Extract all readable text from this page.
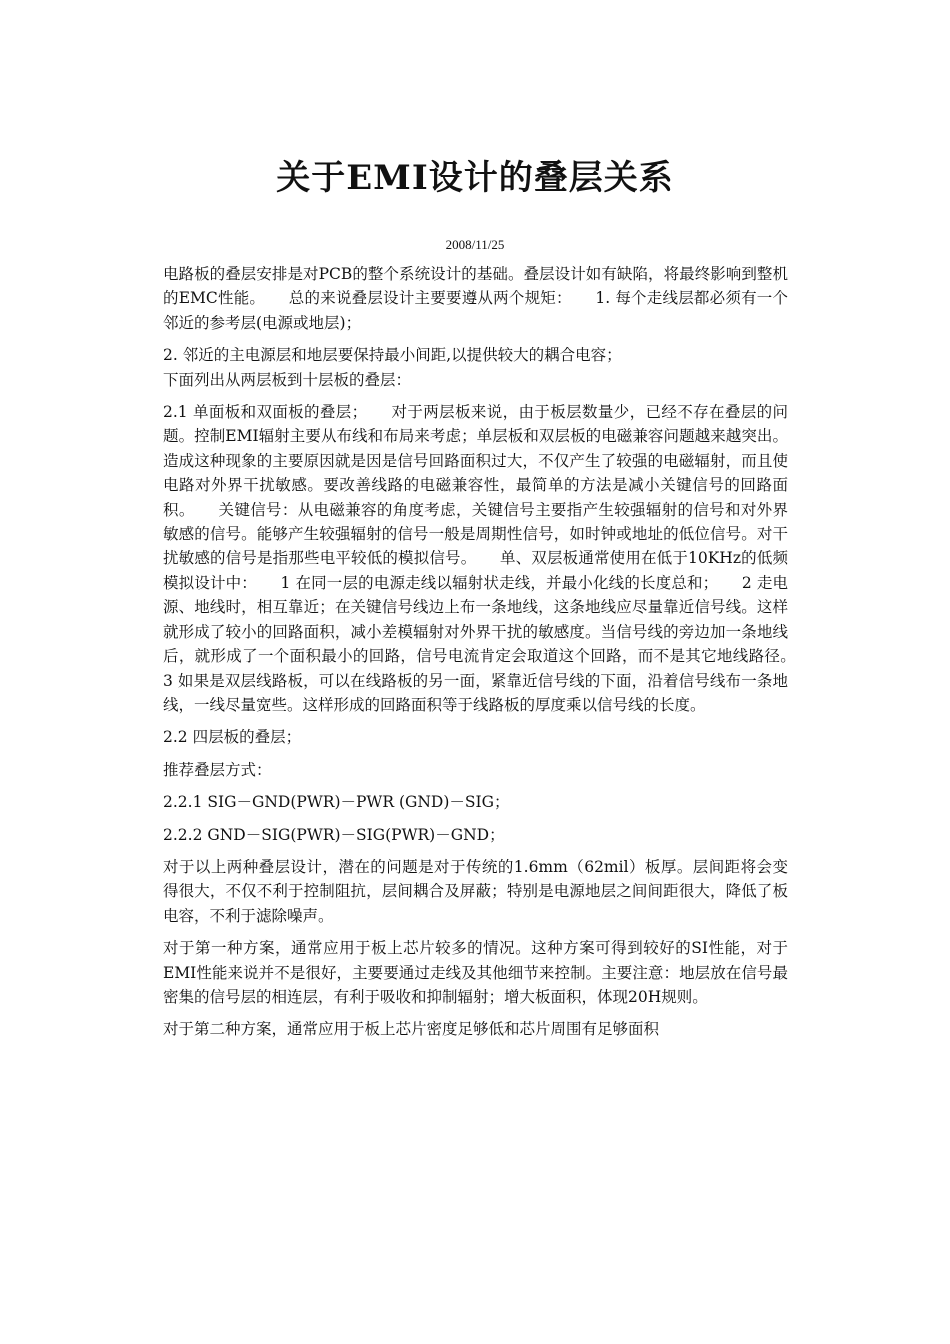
关于EMI设计的叠层关系
2008/11/25

电路板的叠层安排是对PCB的整个系统设计的基础。叠层设计如有缺陷，将最终影响到整机的EMC性能。　　总的来说叠层设计主要要遵从两个规矩：　　1. 每个走线层都必须有一个邻近的参考层(电源或地层)；

2. 邻近的主电源层和地层要保持最小间距,以提供较大的耦合电容；

下面列出从两层板到十层板的叠层：

2.1 单面板和双面板的叠层；　　对于两层板来说，由于板层数量少，已经不存在叠层的问题。控制EMI辐射主要从布线和布局来考虑；单层板和双层板的电磁兼容问题越来越突出。造成这种现象的主要原因就是因是信号回路面积过大，不仅产生了较强的电磁辐射，而且使电路对外界干扰敏感。要改善线路的电磁兼容性，最简单的方法是减小关键信号的回路面积。　　关键信号：从电磁兼容的角度考虑，关键信号主要指产生较强辐射的信号和对外界敏感的信号。能够产生较强辐射的信号一般是周期性信号，如时钟或地址的低位信号。对干扰敏感的信号是指那些电平较低的模拟信号。　　单、双层板通常使用在低于10KHz的低频模拟设计中：　　1 在同一层的电源走线以辐射状走线，并最小化线的长度总和；　　2 走电源、地线时，相互靠近；在关键信号线边上布一条地线，这条地线应尽量靠近信号线。这样就形成了较小的回路面积，减小差模辐射对外界干扰的敏感度。当信号线的旁边加一条地线后，就形成了一个面积最小的回路，信号电流肯定会取道这个回路，而不是其它地线路径。　　3 如果是双层线路板，可以在线路板的另一面，紧靠近信号线的下面，沿着信号线布一条地线，一线尽量宽些。这样形成的回路面积等于线路板的厚度乘以信号线的长度。

2.2 四层板的叠层；

推荐叠层方式：

2.2.1 SIG－GND(PWR)－PWR (GND)－SIG；

2.2.2 GND－SIG(PWR)－SIG(PWR)－GND；

对于以上两种叠层设计，潜在的问题是对于传统的1.6mm（62mil）板厚。层间距将会变得很大，不仅不利于控制阻抗，层间耦合及屏蔽；特别是电源地层之间间距很大，降低了板电容，不利于滤除噪声。

对于第一种方案，通常应用于板上芯片较多的情况。这种方案可得到较好的SI性能，对于EMI性能来说并不是很好，主要要通过走线及其他细节来控制。主要注意：地层放在信号最密集的信号层的相连层，有利于吸收和抑制辐射；增大板面积，体现20H规则。

对于第二种方案，通常应用于板上芯片密度足够低和芯片周围有足够面积
